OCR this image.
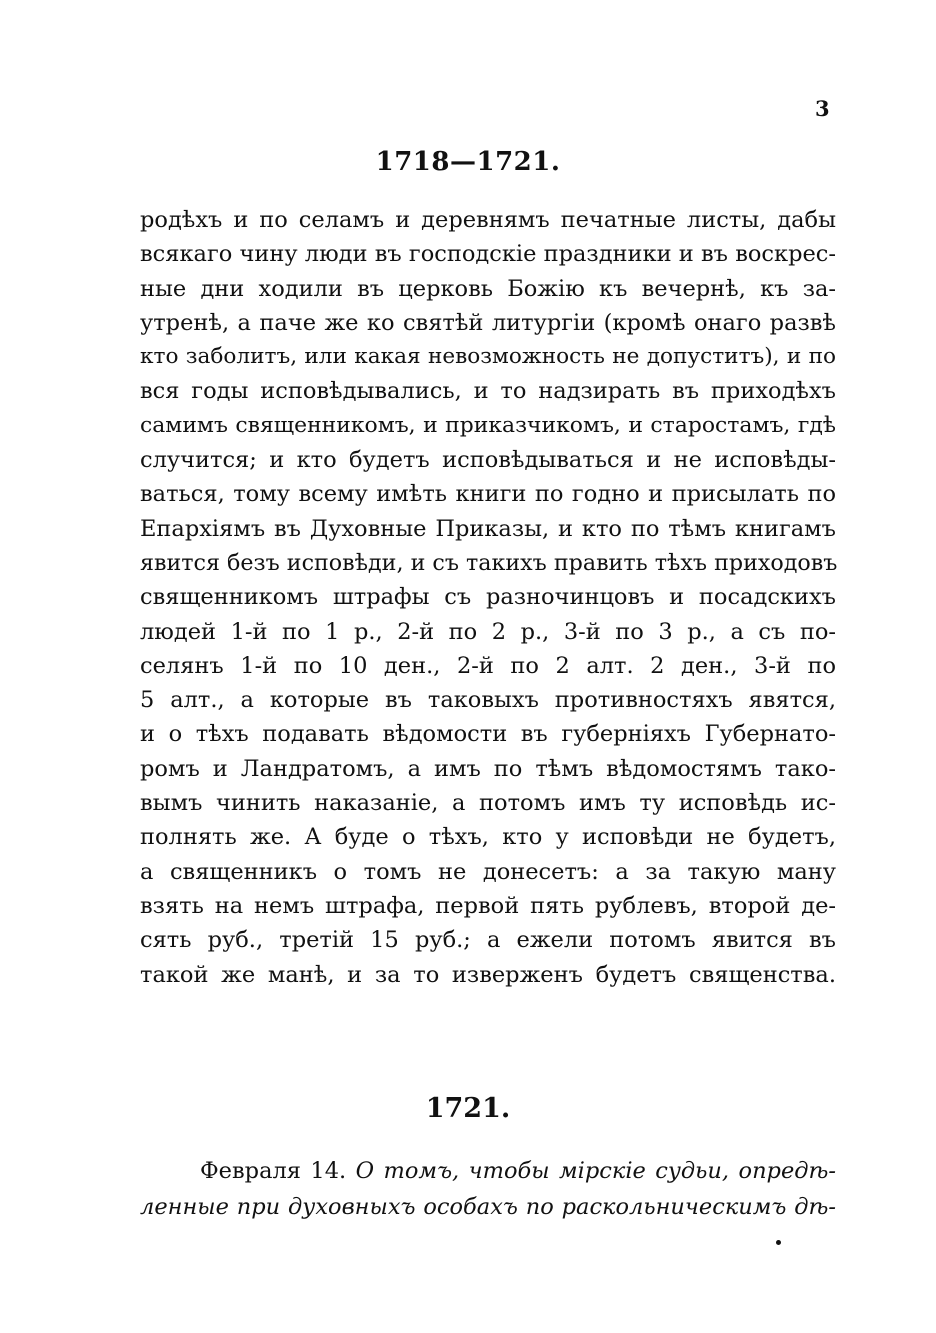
3
1718—1721.
родѣхъ и по селамъ и деревнямъ печатные листы, дабы
всякаго чину люди въ господскіе праздники и въ воскрес-
ные дни ходили въ церковь Божію къ вечернѣ, къ за-
утренѣ, а паче же ко святѣй литургіи (кромѣ онаго развѣ
кто заболитъ, или какая невозможность не допуститъ), и по
вся годы исповѣдывались, и то надзирать въ приходѣхъ
самимъ священникомъ, и приказчикомъ, и старостамъ, гдѣ
случится; и кто будетъ исповѣдываться и не исповѣды-
ваться, тому всему имѣть книги по годно и присылать по
Епархіямъ въ Духовные Приказы, и кто по тѣмъ книгамъ
явится безъ исповѣди, и съ такихъ править тѣхъ приходовъ
священникомъ штрафы съ разночинцовъ и посадскихъ
людей 1-й по 1 р., 2-й по 2 р., 3-й по 3 р., а съ по-
селянъ 1-й по 10 ден., 2-й по 2 алт. 2 ден., 3-й по
5 алт., а которые въ таковыхъ противностяхъ явятся,
и о тѣхъ подавать вѣдомости въ губерніяхъ Губернато-
ромъ и Ландратомъ, а имъ по тѣмъ вѣдомостямъ тако-
вымъ чинить наказаніе, а потомъ имъ ту исповѣдь ис-
полнять же. А буде о тѣхъ, кто у исповѣди не будетъ,
а священникъ о томъ не донесетъ: а за такую ману
взять на немъ штрафа, первой пять рублевъ, второй де-
сять руб., третій 15 руб.; а ежели потомъ явится въ
такой же манѣ, и за то изверженъ будетъ священства.
1721.
Февраля 14. О томъ, чтобы мірскіе судьи, опредѣ-
ленные при духовныхъ особахъ по раскольническимъ дѣ-
